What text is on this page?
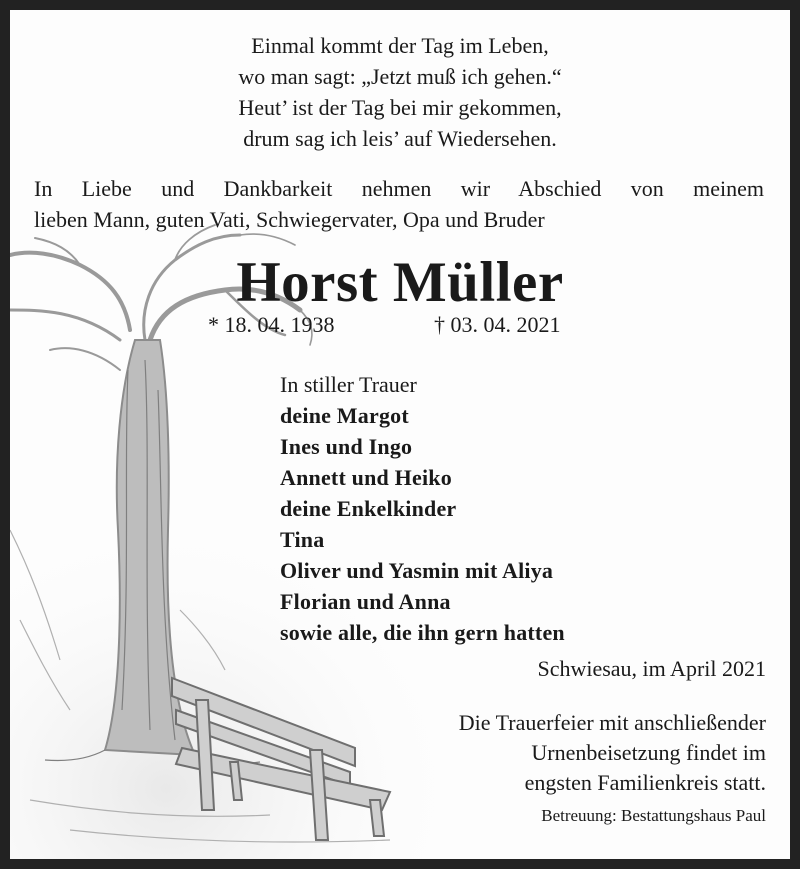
Einmal kommt der Tag im Leben,
wo man sagt: „Jetzt muß ich gehen.“
Heut’ ist der Tag bei mir gekommen,
drum sag ich leis’ auf Wiedersehen.
In Liebe und Dankbarkeit nehmen wir Abschied von meinem
lieben Mann, guten Vati, Schwiegervater, Opa und Bruder
Horst Müller
* 18. 04. 1938	† 03. 04. 2021
In stiller Trauer
deine Margot
Ines und Ingo
Annett und Heiko
deine Enkelkinder
Tina
Oliver und Yasmin mit Aliya
Florian und Anna
sowie alle, die ihn gern hatten
Schwiesau, im April 2021
Die Trauerfeier mit anschließender
Urnenbeisetzung findet im
engsten Familienkreis statt.
Betreuung: Bestattungshaus Paul
